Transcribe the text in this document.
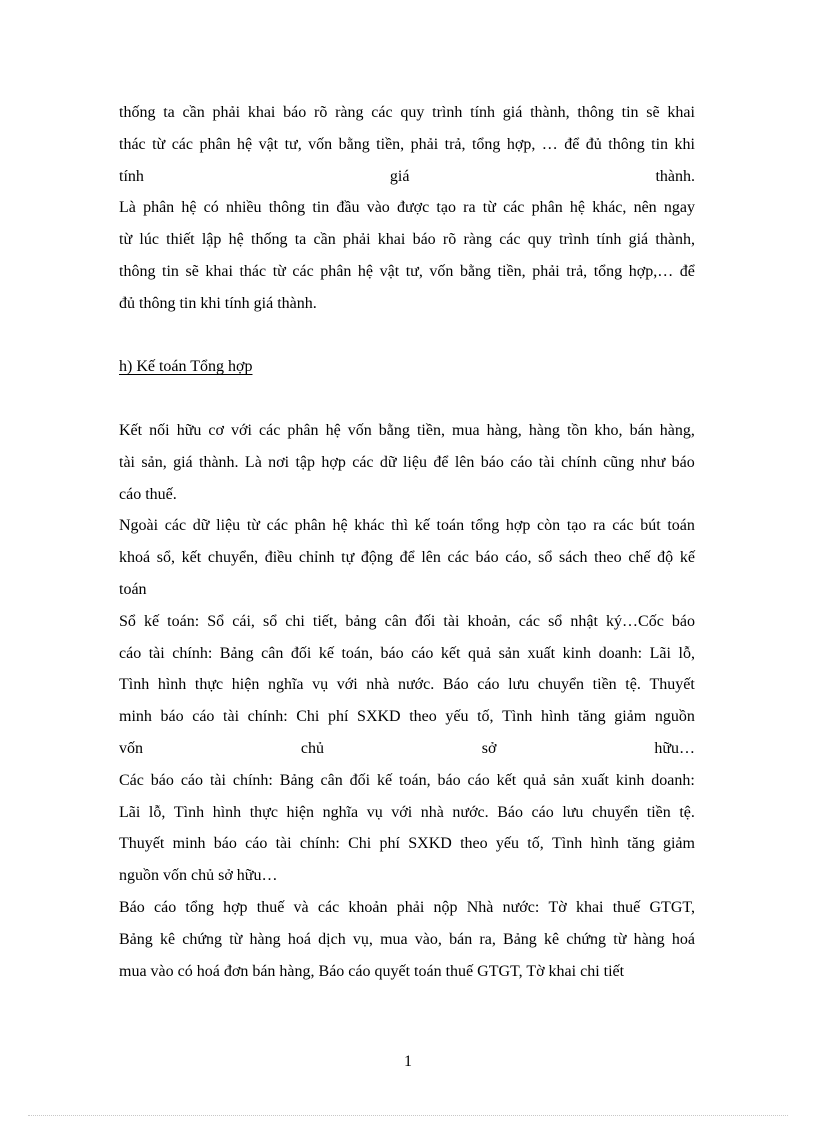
thống ta cần phải khai báo rõ ràng các quy trình tính giá thành, thông tin sẽ khai
thác từ các phân hệ vật tư, vốn bằng tiền, phải trả, tổng hợp, … để đủ thông tin khi
tính	giá	thành.
Là phân hệ có nhiều thông tin đầu vào được tạo ra từ các phân hệ khác, nên ngay
từ lúc thiết lập hệ thống ta cần phải khai báo rõ ràng các quy trình tính giá thành,
thông tin sẽ khai thác từ các phân hệ vật tư, vốn bằng tiền, phải trả, tổng hợp,… để
đủ thông tin khi tính giá thành.
h) Kế toán Tổng hợp
Kết nối hữu cơ với các phân hệ vốn bằng tiền, mua hàng, hàng tồn kho, bán hàng,
tài sản, giá thành. Là nơi tập hợp các dữ liệu để lên báo cáo tài chính cũng như báo
cáo thuế.
Ngoài các dữ liệu từ các phân hệ khác thì kế toán tổng hợp còn tạo ra các bút toán
khoá sổ, kết chuyển, điều chỉnh tự động để lên các báo cáo, sổ sách theo chế độ kế
toán
Sổ kế toán: Sổ cái, sổ chi tiết, bảng cân đối tài khoản, các sổ nhật ký…Cốc báo
cáo tài chính: Bảng cân đối kế toán, báo cáo kết quả sản xuất kinh doanh: Lãi lỗ,
Tình hình thực hiện nghĩa vụ với nhà nước. Báo cáo lưu chuyển tiền tệ. Thuyết
minh báo cáo tài chính: Chi phí SXKD theo yếu tố, Tình hình tăng giảm nguồn
vốn	chủ	sở	hữu…
Các báo cáo tài chính: Bảng cân đối kế toán, báo cáo kết quả sản xuất kinh doanh:
Lãi lỗ, Tình hình thực hiện nghĩa vụ với nhà nước. Báo cáo lưu chuyển tiền tệ.
Thuyết minh báo cáo tài chính: Chi phí SXKD theo yếu tố, Tình hình tăng giảm
nguồn vốn chủ sở hữu…
Báo cáo tổng hợp thuế và các khoản phải nộp Nhà nước: Tờ khai thuế GTGT,
Bảng kê chứng từ hàng hoá dịch vụ, mua vào, bán ra, Bảng kê chứng từ hàng hoá
mua vào có hoá đơn bán hàng, Báo cáo quyết toán thuế GTGT, Tờ khai chi tiết
1
